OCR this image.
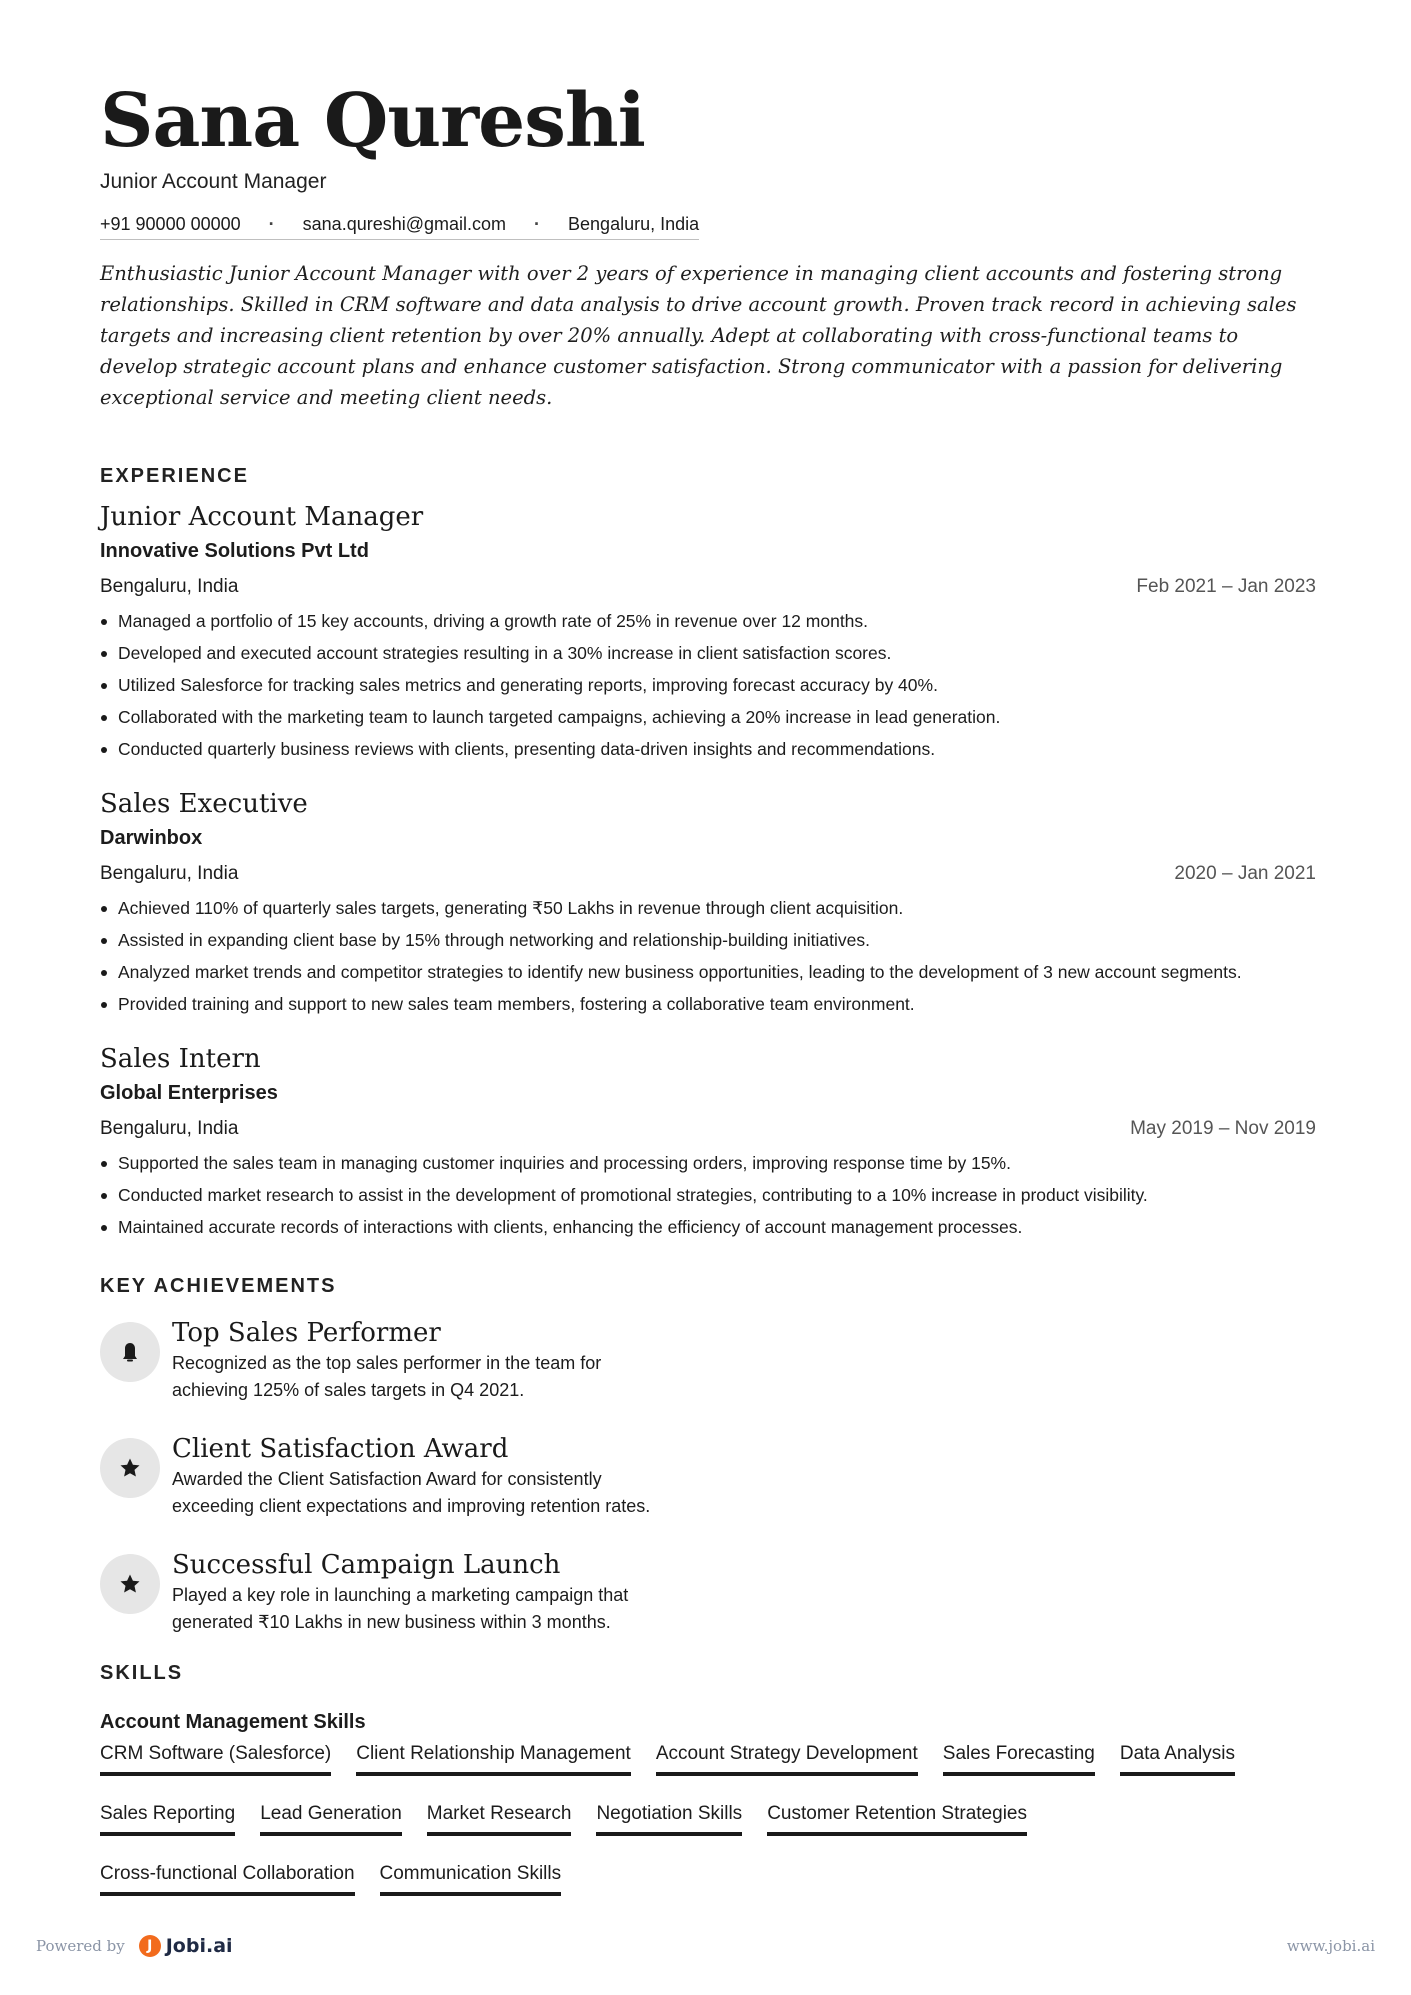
Sana Qureshi
Junior Account Manager
+91 90000 00000 · sana.qureshi@gmail.com · Bengaluru, India
Enthusiastic Junior Account Manager with over 2 years of experience in managing client accounts and fostering strong relationships. Skilled in CRM software and data analysis to drive account growth. Proven track record in achieving sales targets and increasing client retention by over 20% annually. Adept at collaborating with cross-functional teams to develop strategic account plans and enhance customer satisfaction. Strong communicator with a passion for delivering exceptional service and meeting client needs.
EXPERIENCE
Junior Account Manager
Innovative Solutions Pvt Ltd
Bengaluru, India	Feb 2021 – Jan 2023
Managed a portfolio of 15 key accounts, driving a growth rate of 25% in revenue over 12 months.
Developed and executed account strategies resulting in a 30% increase in client satisfaction scores.
Utilized Salesforce for tracking sales metrics and generating reports, improving forecast accuracy by 40%.
Collaborated with the marketing team to launch targeted campaigns, achieving a 20% increase in lead generation.
Conducted quarterly business reviews with clients, presenting data-driven insights and recommendations.
Sales Executive
Darwinbox
Bengaluru, India	2020 – Jan 2021
Achieved 110% of quarterly sales targets, generating ₹50 Lakhs in revenue through client acquisition.
Assisted in expanding client base by 15% through networking and relationship-building initiatives.
Analyzed market trends and competitor strategies to identify new business opportunities, leading to the development of 3 new account segments.
Provided training and support to new sales team members, fostering a collaborative team environment.
Sales Intern
Global Enterprises
Bengaluru, India	May 2019 – Nov 2019
Supported the sales team in managing customer inquiries and processing orders, improving response time by 15%.
Conducted market research to assist in the development of promotional strategies, contributing to a 10% increase in product visibility.
Maintained accurate records of interactions with clients, enhancing the efficiency of account management processes.
KEY ACHIEVEMENTS
Top Sales Performer
Recognized as the top sales performer in the team for achieving 125% of sales targets in Q4 2021.
Client Satisfaction Award
Awarded the Client Satisfaction Award for consistently exceeding client expectations and improving retention rates.
Successful Campaign Launch
Played a key role in launching a marketing campaign that generated ₹10 Lakhs in new business within 3 months.
SKILLS
Account Management Skills
CRM Software (Salesforce) Client Relationship Management Account Strategy Development Sales Forecasting Data Analysis
Sales Reporting Lead Generation Market Research Negotiation Skills Customer Retention Strategies
Cross-functional Collaboration Communication Skills
Powered by	J Jobi.ai	www.jobi.ai
